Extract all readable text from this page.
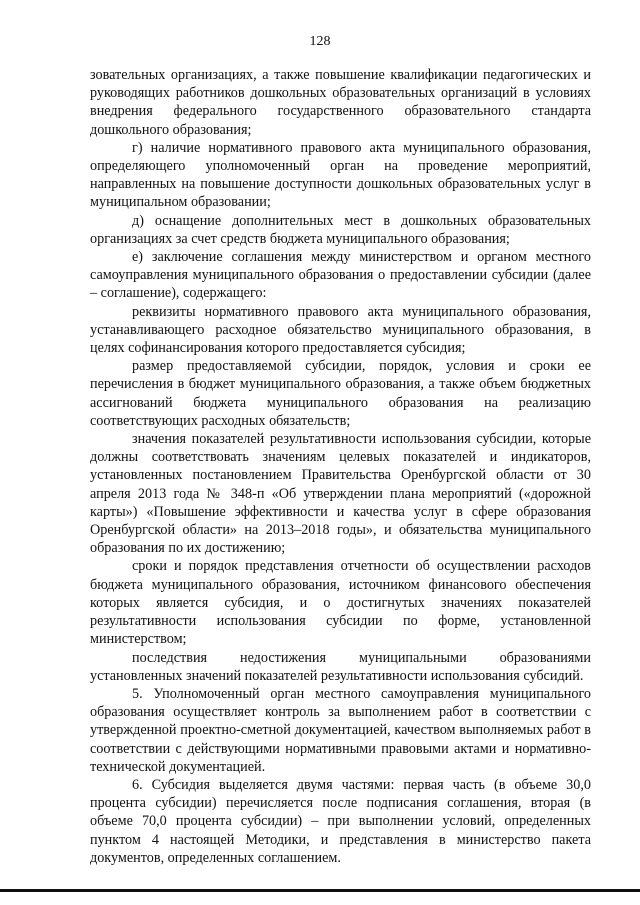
128

зовательных организациях, а также повышение квалификации педагогических и руководящих работников дошкольных образовательных организаций в условиях внедрения федерального государственного образовательного стандарта дошкольного образования;

г) наличие нормативного правового акта муниципального образования, определяющего уполномоченный орган на проведение мероприятий, направленных на повышение доступности дошкольных образовательных услуг в муниципальном образовании;

д) оснащение дополнительных мест в дошкольных образовательных организациях за счет средств бюджета муниципального образования;

е) заключение соглашения между министерством и органом местного самоуправления муниципального образования о предоставлении субсидии (далее – соглашение), содержащего:

реквизиты нормативного правового акта муниципального образования, устанавливающего расходное обязательство муниципального образования, в целях софинансирования которого предоставляется субсидия;

размер предоставляемой субсидии, порядок, условия и сроки ее перечисления в бюджет муниципального образования, а также объем бюджетных ассигнований бюджета муниципального образования на реализацию соответствующих расходных обязательств;

значения показателей результативности использования субсидии, которые должны соответствовать значениям целевых показателей и индикаторов, установленных постановлением Правительства Оренбургской области от 30 апреля 2013 года № 348-п «Об утверждении плана мероприятий («дорожной карты») «Повышение эффективности и качества услуг в сфере образования Оренбургской области» на 2013–2018 годы», и обязательства муниципального образования по их достижению;

сроки и порядок представления отчетности об осуществлении расходов бюджета муниципального образования, источником финансового обеспечения которых является субсидия, и о достигнутых значениях показателей результативности использования субсидии по форме, установленной министерством;

последствия недостижения муниципальными образованиями установленных значений показателей результативности использования субсидий.

5. Уполномоченный орган местного самоуправления муниципального образования осуществляет контроль за выполнением работ в соответствии с утвержденной проектно-сметной документацией, качеством выполняемых работ в соответствии с действующими нормативными правовыми актами и нормативно-технической документацией.

6. Субсидия выделяется двумя частями: первая часть (в объеме 30,0 процента субсидии) перечисляется после подписания соглашения, вторая (в объеме 70,0 процента субсидии) – при выполнении условий, определенных пунктом 4 настоящей Методики, и представления в министерство пакета документов, определенных соглашением.
